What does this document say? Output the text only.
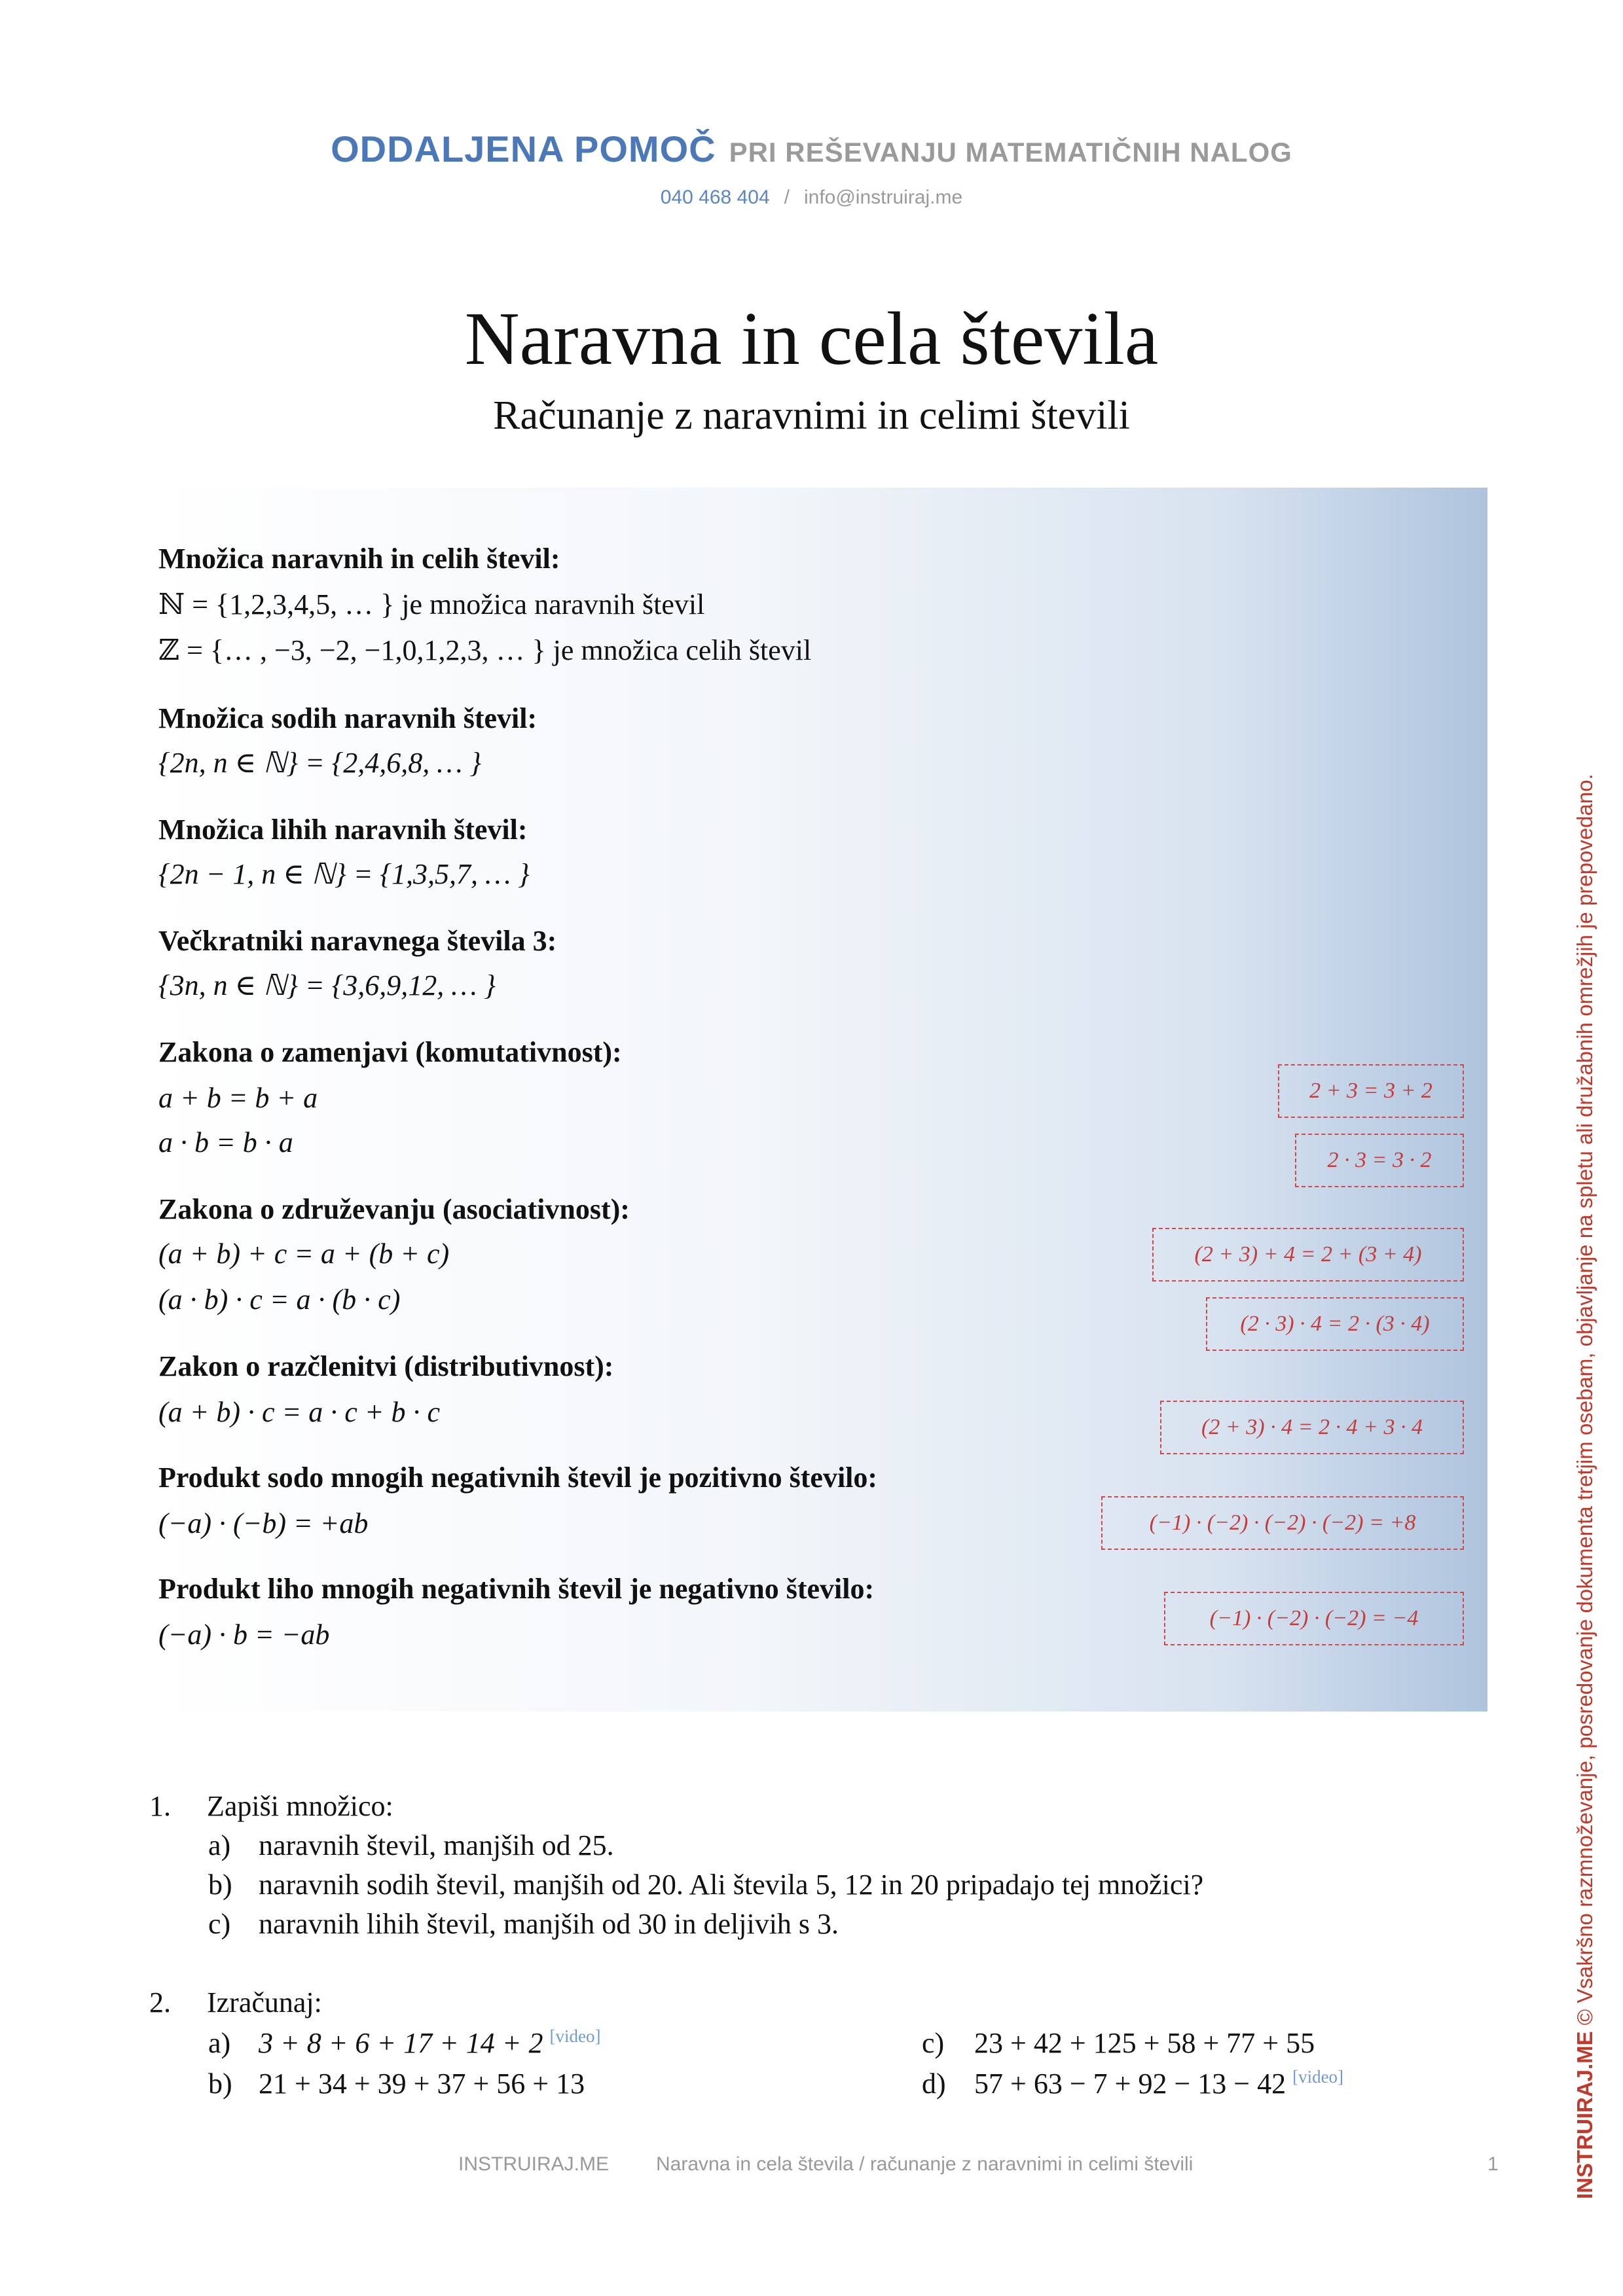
ODDALJENA POMOČ PRI REŠEVANJU MATEMATIČNIH NALOG
040 468 404 / info@instruiraj.me
Naravna in cela števila
Računanje z naravnimi in celimi števili
Množica naravnih in celih števil:
ℕ = {1,2,3,4,5, … } je množica naravnih števil
ℤ = {… , −3, −2, −1,0,1,2,3, … } je množica celih števil
Množica sodih naravnih števil:
{2n, n ∈ ℕ} = {2,4,6,8, … }
Množica lihih naravnih števil:
{2n − 1, n ∈ ℕ} = {1,3,5,7, … }
Večkratniki naravnega števila 3:
{3n, n ∈ ℕ} = {3,6,9,12, … }
Zakona o zamenjavi (komutativnost):
a + b = b + a
a · b = b · a
Zakona o združevanju (asociativnost):
(a + b) + c = a + (b + c)
(a · b) · c = a · (b · c)
Zakon o razčlenitvi (distributivnost):
(a + b) · c = a · c + b · c
Produkt sodo mnogih negativnih števil je pozitivno število:
(−a) · (−b) = +ab
Produkt liho mnogih negativnih števil je negativno število:
(−a) · b = −ab
2 + 3 = 3 + 2
2 · 3 = 3 · 2
(2 + 3) + 4 = 2 + (3 + 4)
(2 · 3) · 4 = 2 · (3 · 4)
(2 + 3) · 4 = 2 · 4 + 3 · 4
(−1) · (−2) · (−2) · (−2) = +8
(−1) · (−2) · (−2) = −4
1. Zapiši množico:
a) naravnih števil, manjših od 25.
b) naravnih sodih števil, manjših od 20. Ali števila 5, 12 in 20 pripadajo tej množici?
c) naravnih lihih števil, manjših od 30 in deljivih s 3.
2. Izračunaj:
a) 3 + 8 + 6 + 17 + 14 + 2 [video]
b) 21 + 34 + 39 + 37 + 56 + 13
c) 23 + 42 + 125 + 58 + 77 + 55
d) 57 + 63 − 7 + 92 − 13 − 42 [video]
INSTRUIRAJ.ME Naravna in cela števila / računanje z naravnimi in celimi števili	1	INSTRUIRAJ.ME © Vsakršno razmnoževanje, posredovanje dokumenta tretjim osebam, objavljanje na spletu ali družabnih omrežjih je prepovedano.
